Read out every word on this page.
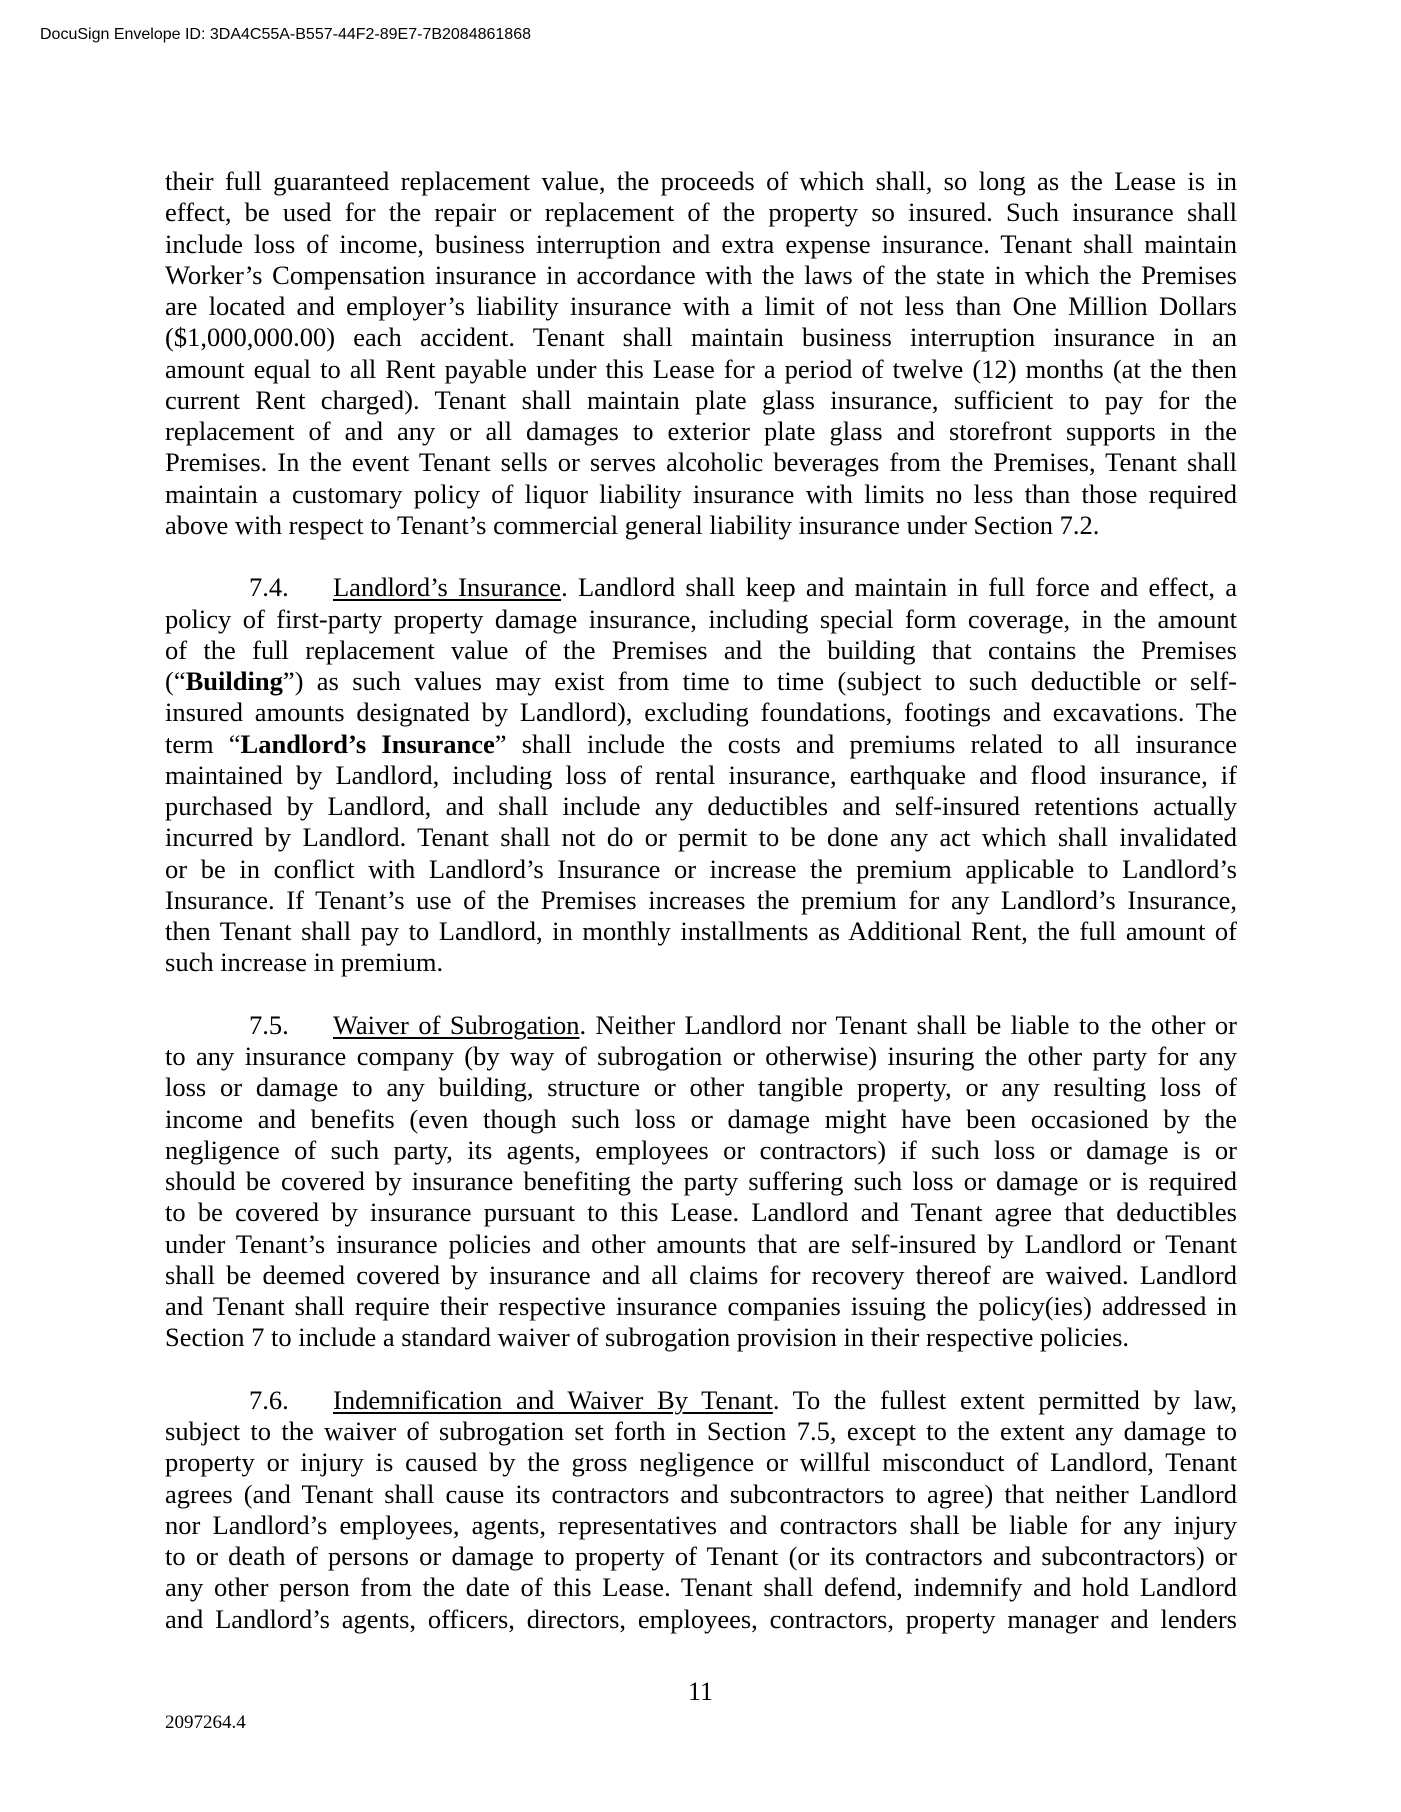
DocuSign Envelope ID: 3DA4C55A-B557-44F2-89E7-7B2084861868
their full guaranteed replacement value, the proceeds of which shall, so long as the Lease is in
effect, be used for the repair or replacement of the property so insured. Such insurance shall
include loss of income, business interruption and extra expense insurance. Tenant shall maintain
Worker’s Compensation insurance in accordance with the laws of the state in which the Premises
are located and employer’s liability insurance with a limit of not less than One Million Dollars
($1,000,000.00) each accident. Tenant shall maintain business interruption insurance in an
amount equal to all Rent payable under this Lease for a period of twelve (12) months (at the then
current Rent charged). Tenant shall maintain plate glass insurance, sufficient to pay for the
replacement of and any or all damages to exterior plate glass and storefront supports in the
Premises. In the event Tenant sells or serves alcoholic beverages from the Premises, Tenant shall
maintain a customary policy of liquor liability insurance with limits no less than those required
above with respect to Tenant’s commercial general liability insurance under Section 7.2.
7.4. Landlord’s Insurance. Landlord shall keep and maintain in full force and effect, a
policy of first-party property damage insurance, including special form coverage, in the amount
of the full replacement value of the Premises and the building that contains the Premises
(“Building”) as such values may exist from time to time (subject to such deductible or self-
insured amounts designated by Landlord), excluding foundations, footings and excavations. The
term “Landlord’s Insurance” shall include the costs and premiums related to all insurance
maintained by Landlord, including loss of rental insurance, earthquake and flood insurance, if
purchased by Landlord, and shall include any deductibles and self-insured retentions actually
incurred by Landlord. Tenant shall not do or permit to be done any act which shall invalidated
or be in conflict with Landlord’s Insurance or increase the premium applicable to Landlord’s
Insurance. If Tenant’s use of the Premises increases the premium for any Landlord’s Insurance,
then Tenant shall pay to Landlord, in monthly installments as Additional Rent, the full amount of
such increase in premium.
7.5. Waiver of Subrogation. Neither Landlord nor Tenant shall be liable to the other or
to any insurance company (by way of subrogation or otherwise) insuring the other party for any
loss or damage to any building, structure or other tangible property, or any resulting loss of
income and benefits (even though such loss or damage might have been occasioned by the
negligence of such party, its agents, employees or contractors) if such loss or damage is or
should be covered by insurance benefiting the party suffering such loss or damage or is required
to be covered by insurance pursuant to this Lease. Landlord and Tenant agree that deductibles
under Tenant’s insurance policies and other amounts that are self-insured by Landlord or Tenant
shall be deemed covered by insurance and all claims for recovery thereof are waived. Landlord
and Tenant shall require their respective insurance companies issuing the policy(ies) addressed in
Section 7 to include a standard waiver of subrogation provision in their respective policies.
7.6. Indemnification and Waiver By Tenant. To the fullest extent permitted by law,
subject to the waiver of subrogation set forth in Section 7.5, except to the extent any damage to
property or injury is caused by the gross negligence or willful misconduct of Landlord, Tenant
agrees (and Tenant shall cause its contractors and subcontractors to agree) that neither Landlord
nor Landlord’s employees, agents, representatives and contractors shall be liable for any injury
to or death of persons or damage to property of Tenant (or its contractors and subcontractors) or
any other person from the date of this Lease. Tenant shall defend, indemnify and hold Landlord
and Landlord’s agents, officers, directors, employees, contractors, property manager and lenders
11
2097264.4
